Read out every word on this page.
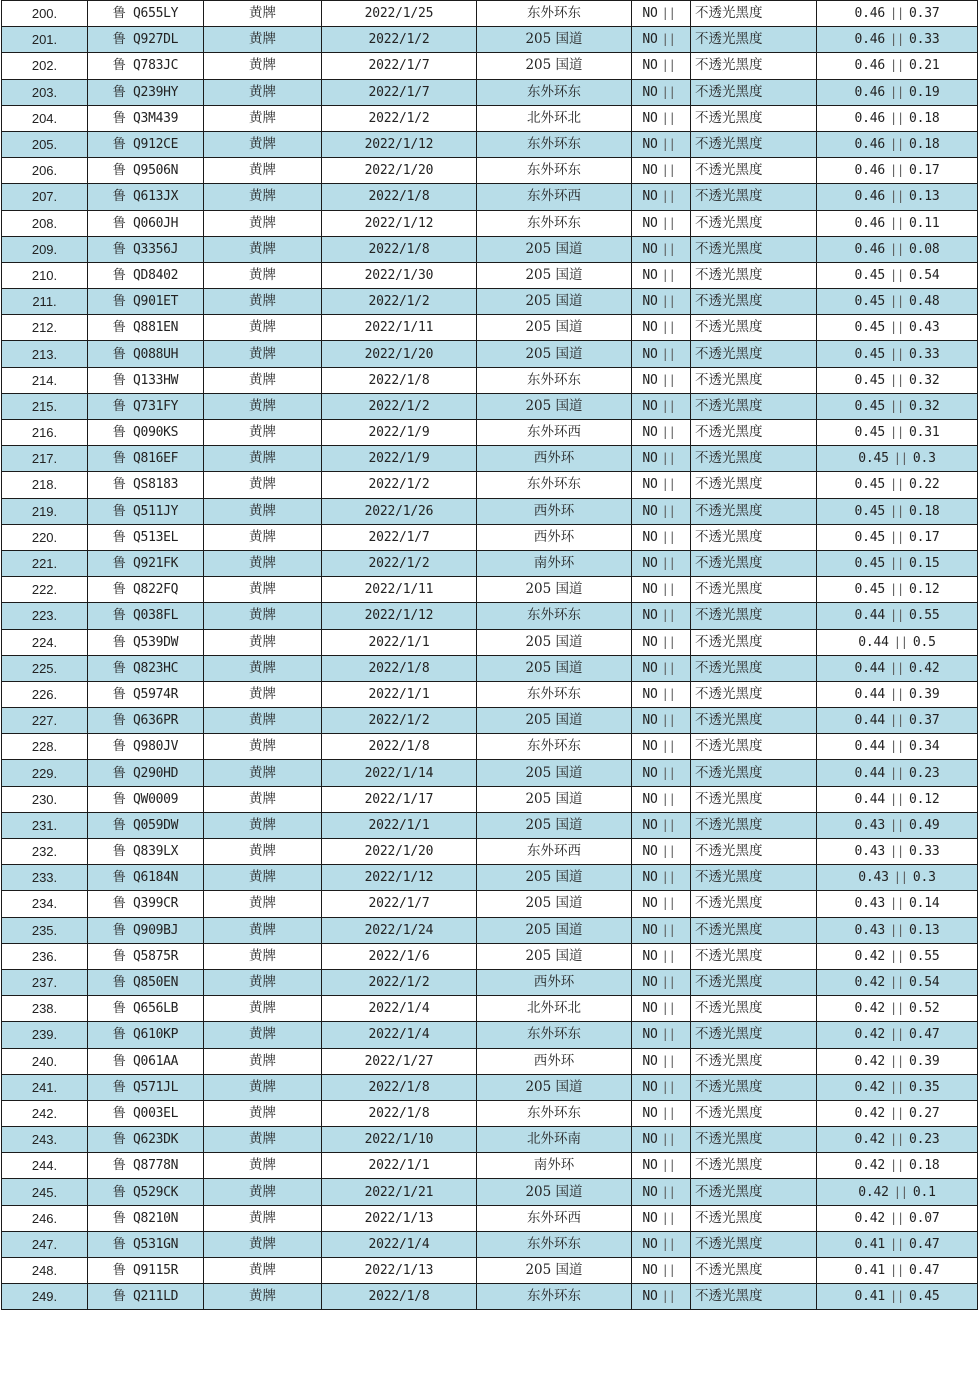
200.	鲁 Q655LY	黄牌	2022/1/25	东外环东	NO ||	不透光黑度	0.46 || 0.37
201.	鲁 Q927DL	黄牌	2022/1/2	205 国道	NO ||	不透光黑度	0.46 || 0.33
202.	鲁 Q783JC	黄牌	2022/1/7	205 国道	NO ||	不透光黑度	0.46 || 0.21
203.	鲁 Q239HY	黄牌	2022/1/7	东外环东	NO ||	不透光黑度	0.46 || 0.19
204.	鲁 Q3M439	黄牌	2022/1/2	北外环北	NO ||	不透光黑度	0.46 || 0.18
205.	鲁 Q912CE	黄牌	2022/1/12	东外环东	NO ||	不透光黑度	0.46 || 0.18
206.	鲁 Q9506N	黄牌	2022/1/20	东外环东	NO ||	不透光黑度	0.46 || 0.17
207.	鲁 Q613JX	黄牌	2022/1/8	东外环西	NO ||	不透光黑度	0.46 || 0.13
208.	鲁 Q060JH	黄牌	2022/1/12	东外环东	NO ||	不透光黑度	0.46 || 0.11
209.	鲁 Q3356J	黄牌	2022/1/8	205 国道	NO ||	不透光黑度	0.46 || 0.08
210.	鲁 QD8402	黄牌	2022/1/30	205 国道	NO ||	不透光黑度	0.45 || 0.54
211.	鲁 Q901ET	黄牌	2022/1/2	205 国道	NO ||	不透光黑度	0.45 || 0.48
212.	鲁 Q881EN	黄牌	2022/1/11	205 国道	NO ||	不透光黑度	0.45 || 0.43
213.	鲁 Q088UH	黄牌	2022/1/20	205 国道	NO ||	不透光黑度	0.45 || 0.33
214.	鲁 Q133HW	黄牌	2022/1/8	东外环东	NO ||	不透光黑度	0.45 || 0.32
215.	鲁 Q731FY	黄牌	2022/1/2	205 国道	NO ||	不透光黑度	0.45 || 0.32
216.	鲁 Q090KS	黄牌	2022/1/9	东外环西	NO ||	不透光黑度	0.45 || 0.31
217.	鲁 Q816EF	黄牌	2022/1/9	西外环	NO ||	不透光黑度	0.45 || 0.3
218.	鲁 QS8183	黄牌	2022/1/2	东外环东	NO ||	不透光黑度	0.45 || 0.22
219.	鲁 Q511JY	黄牌	2022/1/26	西外环	NO ||	不透光黑度	0.45 || 0.18
220.	鲁 Q513EL	黄牌	2022/1/7	西外环	NO ||	不透光黑度	0.45 || 0.17
221.	鲁 Q921FK	黄牌	2022/1/2	南外环	NO ||	不透光黑度	0.45 || 0.15
222.	鲁 Q822FQ	黄牌	2022/1/11	205 国道	NO ||	不透光黑度	0.45 || 0.12
223.	鲁 Q038FL	黄牌	2022/1/12	东外环东	NO ||	不透光黑度	0.44 || 0.55
224.	鲁 Q539DW	黄牌	2022/1/1	205 国道	NO ||	不透光黑度	0.44 || 0.5
225.	鲁 Q823HC	黄牌	2022/1/8	205 国道	NO ||	不透光黑度	0.44 || 0.42
226.	鲁 Q5974R	黄牌	2022/1/1	东外环东	NO ||	不透光黑度	0.44 || 0.39
227.	鲁 Q636PR	黄牌	2022/1/2	205 国道	NO ||	不透光黑度	0.44 || 0.37
228.	鲁 Q980JV	黄牌	2022/1/8	东外环东	NO ||	不透光黑度	0.44 || 0.34
229.	鲁 Q290HD	黄牌	2022/1/14	205 国道	NO ||	不透光黑度	0.44 || 0.23
230.	鲁 QW0009	黄牌	2022/1/17	205 国道	NO ||	不透光黑度	0.44 || 0.12
231.	鲁 Q059DW	黄牌	2022/1/1	205 国道	NO ||	不透光黑度	0.43 || 0.49
232.	鲁 Q839LX	黄牌	2022/1/20	东外环西	NO ||	不透光黑度	0.43 || 0.33
233.	鲁 Q6184N	黄牌	2022/1/12	205 国道	NO ||	不透光黑度	0.43 || 0.3
234.	鲁 Q399CR	黄牌	2022/1/7	205 国道	NO ||	不透光黑度	0.43 || 0.14
235.	鲁 Q909BJ	黄牌	2022/1/24	205 国道	NO ||	不透光黑度	0.43 || 0.13
236.	鲁 Q5875R	黄牌	2022/1/6	205 国道	NO ||	不透光黑度	0.42 || 0.55
237.	鲁 Q850EN	黄牌	2022/1/2	西外环	NO ||	不透光黑度	0.42 || 0.54
238.	鲁 Q656LB	黄牌	2022/1/4	北外环北	NO ||	不透光黑度	0.42 || 0.52
239.	鲁 Q610KP	黄牌	2022/1/4	东外环东	NO ||	不透光黑度	0.42 || 0.47
240.	鲁 Q061AA	黄牌	2022/1/27	西外环	NO ||	不透光黑度	0.42 || 0.39
241.	鲁 Q571JL	黄牌	2022/1/8	205 国道	NO ||	不透光黑度	0.42 || 0.35
242.	鲁 Q003EL	黄牌	2022/1/8	东外环东	NO ||	不透光黑度	0.42 || 0.27
243.	鲁 Q623DK	黄牌	2022/1/10	北外环南	NO ||	不透光黑度	0.42 || 0.23
244.	鲁 Q8778N	黄牌	2022/1/1	南外环	NO ||	不透光黑度	0.42 || 0.18
245.	鲁 Q529CK	黄牌	2022/1/21	205 国道	NO ||	不透光黑度	0.42 || 0.1
246.	鲁 Q8210N	黄牌	2022/1/13	东外环西	NO ||	不透光黑度	0.42 || 0.07
247.	鲁 Q531GN	黄牌	2022/1/4	东外环东	NO ||	不透光黑度	0.41 || 0.47
248.	鲁 Q9115R	黄牌	2022/1/13	205 国道	NO ||	不透光黑度	0.41 || 0.47
249.	鲁 Q211LD	黄牌	2022/1/8	东外环东	NO ||	不透光黑度	0.41 || 0.45
